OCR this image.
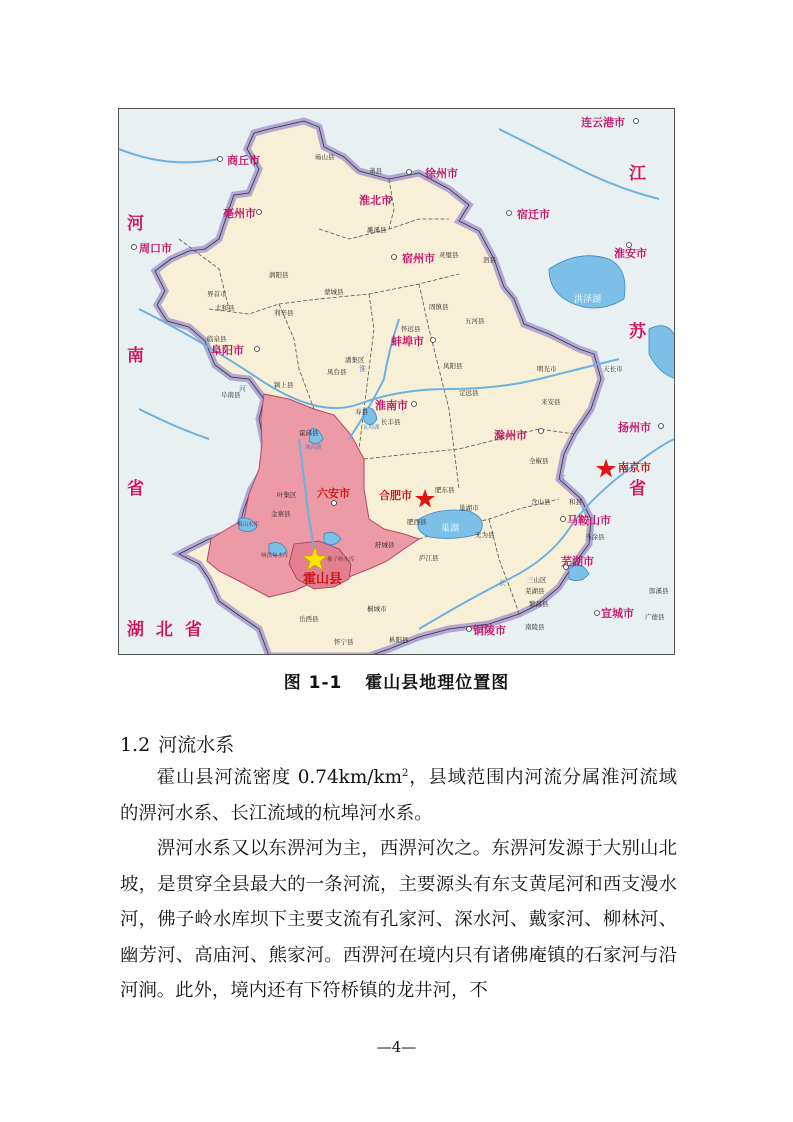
河
南
省
江
苏
省
湖 北 省
商丘市
连云港市
徐州市
淮北市
宿迁市
亳州市
周口市
宿州市	淮安市
蚌埠市
阜阳市
淮南市
扬州市
滁州市
南京市
六安市	合肥市
马鞍山市
芜湖市
铜陵市
宣城市
砀山县
萧县
濉溪县
灵璧县
泗县
涡阳县
蒙城县
利辛县
界首市
太和县
临泉县
颍上县
阜南县
霍邱县
寿县
凤台县
潘集区
长丰县
怀远县
固镇县
五河县
凤阳县
定远县
明光市	天长市
来安县
全椒县
肥东县
肥西县
舒城县
叶集区
金寨县
庐江县
巢湖市
含山县	和县
当涂县
无为县
三山区
芜湖县
繁昌县
南陵县
郎溪县
广德县
桐城市
枞阳县
岳西县
怀宁县
洪泽湖
巢湖
淮
河
长
江
梅山水库
响洪甸水库
佛子岭水库
瓦埠湖
城西湖
霍山县
图 1-1 霍山县地理位置图
1.2 河流水系

霍山县河流密度 $0.74km/km^2$，县域范围内河流分属淮河流域的淠河水系、长江流域的杭埠河水系。

淠河水系又以东淠河为主，西淠河次之。东淠河发源于大别山北坡，是贯穿全县最大的一条河流，主要源头有东支黄尾河和西支漫水河，佛子岭水库坝下主要支流有孔家河、深水河、戴家河、柳林河、幽芳河、高庙河、熊家河。西淠河在境内只有诸佛庵镇的石家河与沿河涧。此外，境内还有下符桥镇的龙井河，不

—4—
